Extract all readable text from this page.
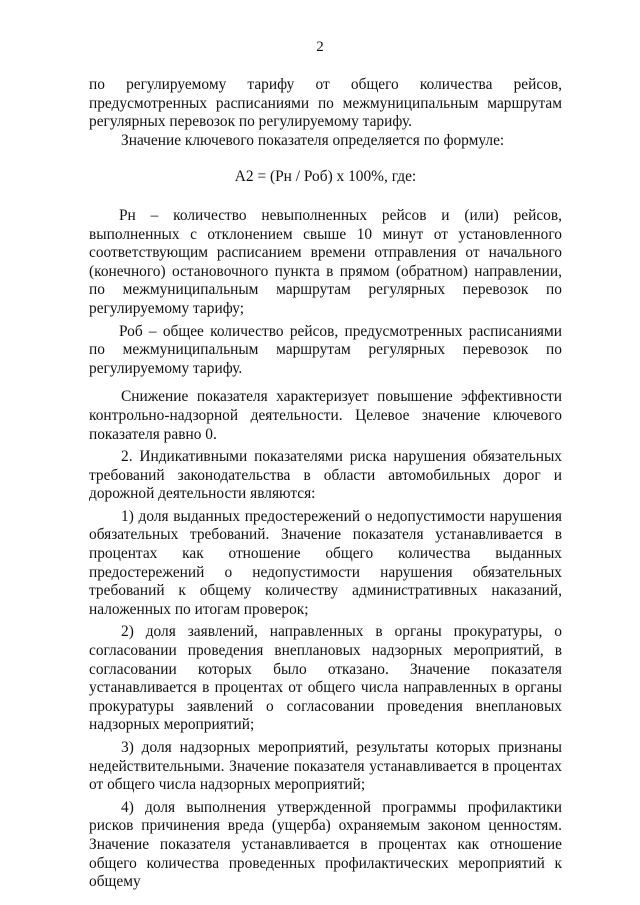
2

по регулируемому тарифу от общего количества рейсов, предусмотренных расписаниями по межмуниципальным маршрутам регулярных перевозок по регулируемому тарифу.

Значение ключевого показателя определяется по формуле:

А2 = (Рн / Роб) х 100%, где:

Рн – количество невыполненных рейсов и (или) рейсов, выполненных с отклонением свыше 10 минут от установленного соответствующим расписанием времени отправления от начального (конечного) остановочного пункта в прямом (обратном) направлении, по межмуниципальным маршрутам регулярных перевозок по регулируемому тарифу;

Роб – общее количество рейсов, предусмотренных расписаниями по межмуниципальным маршрутам регулярных перевозок по регулируемому тарифу.

Снижение показателя характеризует повышение эффективности контрольно-надзорной деятельности. Целевое значение ключевого показателя равно 0.

2. Индикативными показателями риска нарушения обязательных требований законодательства в области автомобильных дорог и дорожной деятельности являются:

1) доля выданных предостережений о недопустимости нарушения обязательных требований. Значение показателя устанавливается в процентах как отношение общего количества выданных предостережений о недопустимости нарушения обязательных требований к общему количеству административных наказаний, наложенных по итогам проверок;

2) доля заявлений, направленных в органы прокуратуры, о согласовании проведения внеплановых надзорных мероприятий, в согласовании которых было отказано. Значение показателя устанавливается в процентах от общего числа направленных в органы прокуратуры заявлений о согласовании проведения внеплановых надзорных мероприятий;

3) доля надзорных мероприятий, результаты которых признаны недействительными. Значение показателя устанавливается в процентах от общего числа надзорных мероприятий;

4) доля выполнения утвержденной программы профилактики рисков причинения вреда (ущерба) охраняемым законом ценностям. Значение показателя устанавливается в процентах как отношение общего количества проведенных профилактических мероприятий к общему
